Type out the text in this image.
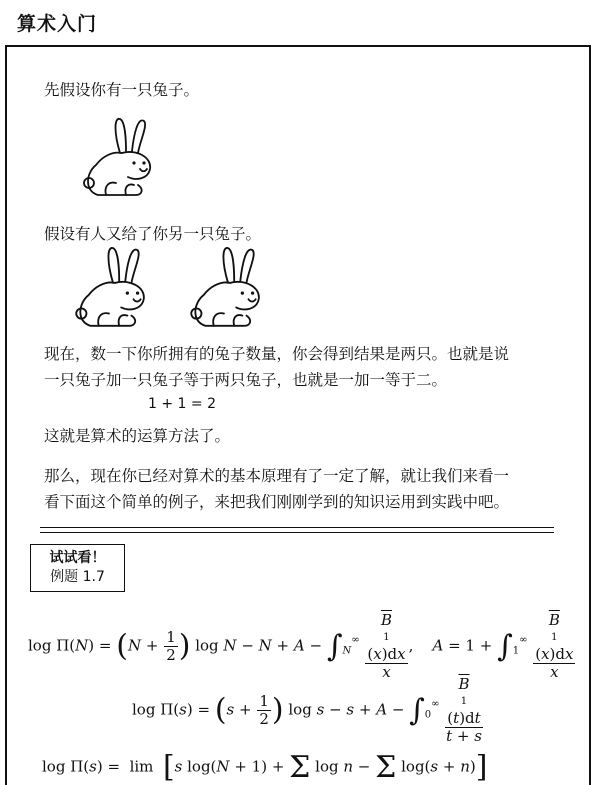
算术入门
先假设你有一只兔子。
假设有人又给了你另一只兔子。
现在，数一下你所拥有的兔子数量，你会得到结果是两只。也就是说
一只兔子加一只兔子等于两只兔子，也就是一加一等于二。
1 + 1 = 2
这就是算术的运算方法了。
那么，现在你已经对算术的基本原理有了一定了解，就让我们来看一
看下面这个简单的例子，来把我们刚刚学到的知识运用到实践中吧。
试试看！
例题 1.7
$\log \Pi(N) = (N + \frac{1}{2}$ ) $\log N - N + A - \int_N^\infty$ $\overline{B}$
1
(x)dx
x ,    $A = 1 + \int_1^\infty$ $\overline{B}$
1
(x)dx
x
$\log \Pi(s) = (s + \frac{1}{2}$ ) $\log s - s + A - \int_0^\infty$ $\overline{B}$
1
(t)dt
t + s
log Π(s) =  lim  [s log(N + 1) + Σ log n − Σ log(s + n)]
